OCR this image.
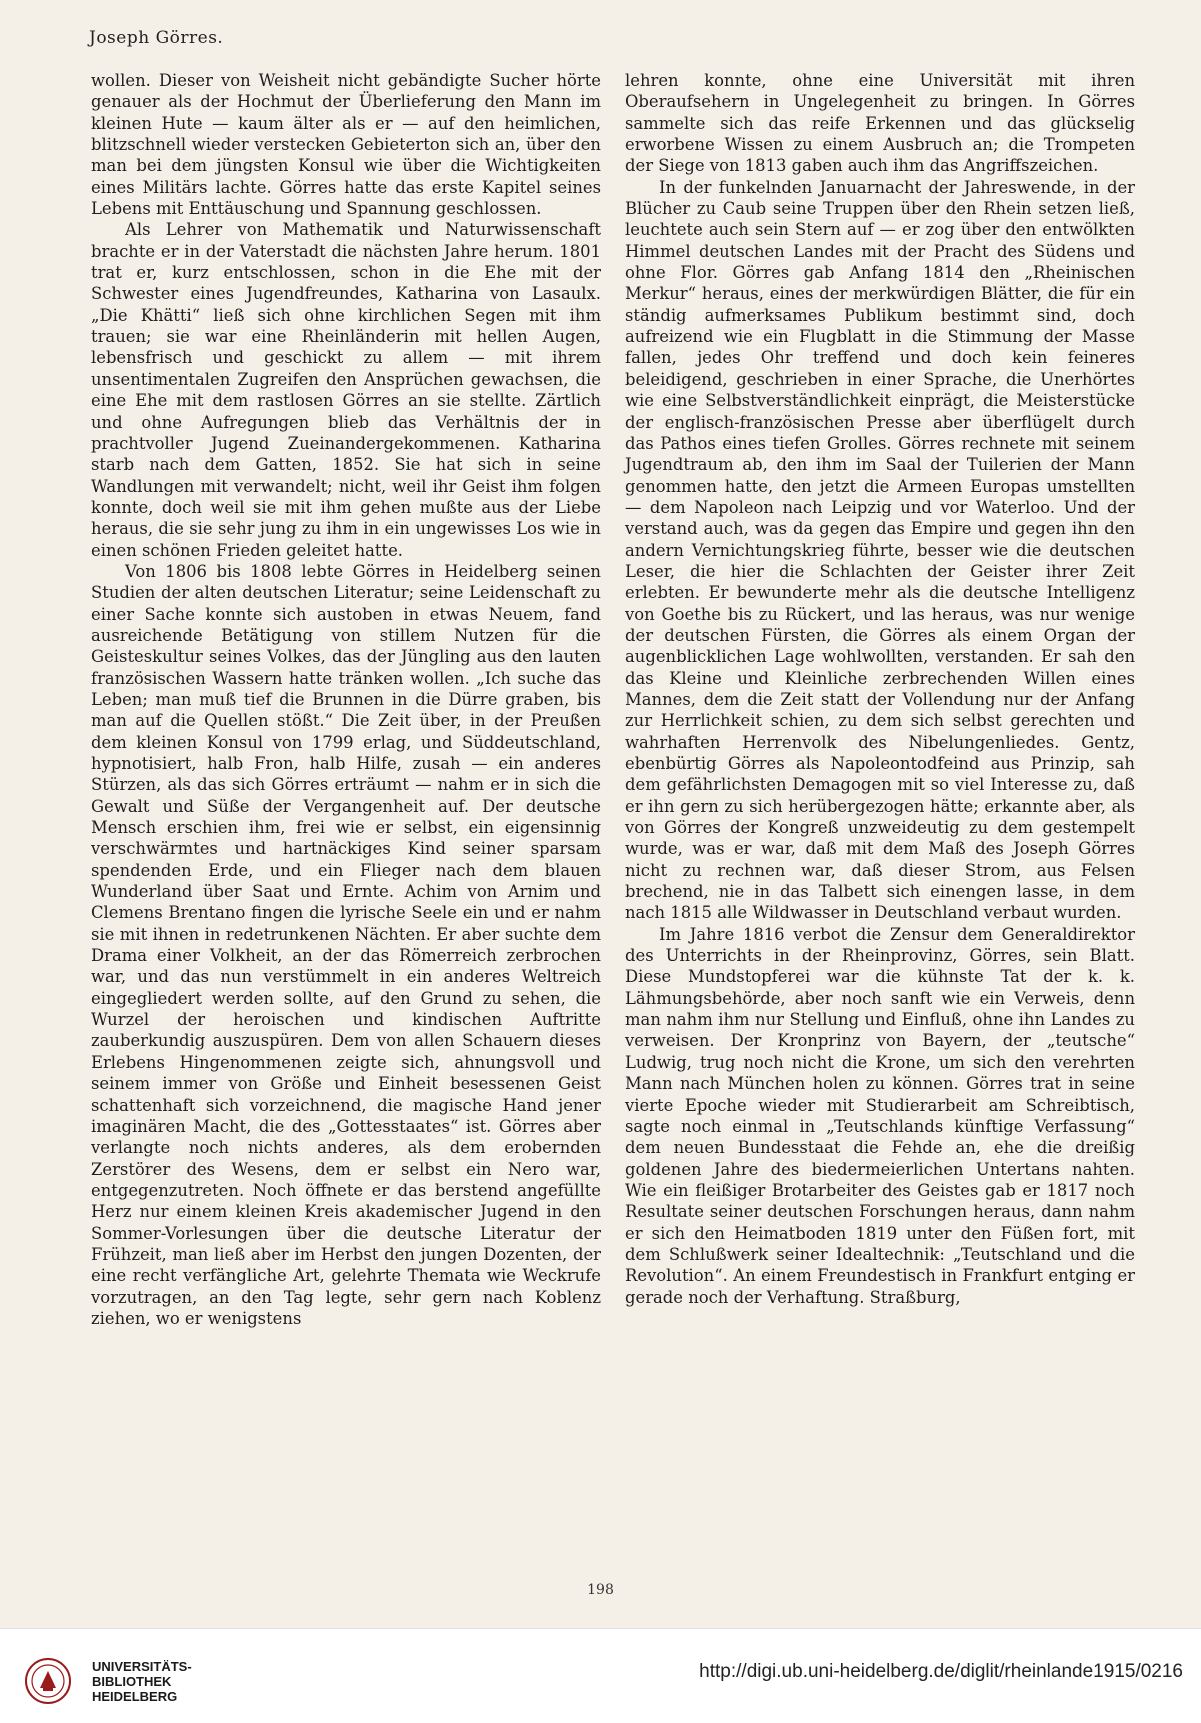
Joseph Görres.

wollen. Dieser von Weisheit nicht gebändigte Sucher hörte genauer als der Hochmut der Überlieferung den Mann im kleinen Hute — kaum älter als er — auf den heimlichen, blitzschnell wieder verstecken Gebieterton sich an, über den man bei dem jüngsten Konsul wie über die Wichtigkeiten eines Militärs lachte. Görres hatte das erste Kapitel seines Lebens mit Enttäuschung und Spannung geschlossen.

Als Lehrer von Mathematik und Naturwissenschaft brachte er in der Vaterstadt die nächsten Jahre herum. 1801 trat er, kurz entschlossen, schon in die Ehe mit der Schwester eines Jugendfreundes, Katharina von Lasaulx. „Die Khätti“ ließ sich ohne kirchlichen Segen mit ihm trauen; sie war eine Rheinländerin mit hellen Augen, lebensfrisch und geschickt zu allem — mit ihrem unsentimentalen Zugreifen den Ansprüchen gewachsen, die eine Ehe mit dem rastlosen Görres an sie stellte. Zärtlich und ohne Aufregungen blieb das Verhältnis der in prachtvoller Jugend Zueinandergekommenen. Katharina starb nach dem Gatten, 1852. Sie hat sich in seine Wandlungen mit verwandelt; nicht, weil ihr Geist ihm folgen konnte, doch weil sie mit ihm gehen mußte aus der Liebe heraus, die sie sehr jung zu ihm in ein ungewisses Los wie in einen schönen Frieden geleitet hatte.

Von 1806 bis 1808 lebte Görres in Heidelberg seinen Studien der alten deutschen Literatur; seine Leidenschaft zu einer Sache konnte sich austoben in etwas Neuem, fand ausreichende Betätigung von stillem Nutzen für die Geisteskultur seines Volkes, das der Jüngling aus den lauten französischen Wassern hatte tränken wollen. „Ich suche das Leben; man muß tief die Brunnen in die Dürre graben, bis man auf die Quellen stößt.“ Die Zeit über, in der Preußen dem kleinen Konsul von 1799 erlag, und Süddeutschland, hypnotisiert, halb Fron, halb Hilfe, zusah — ein anderes Stürzen, als das sich Görres erträumt — nahm er in sich die Gewalt und Süße der Vergangenheit auf. Der deutsche Mensch erschien ihm, frei wie er selbst, ein eigensinnig verschwärmtes und hartnäckiges Kind seiner sparsam spendenden Erde, und ein Flieger nach dem blauen Wunderland über Saat und Ernte. Achim von Arnim und Clemens Brentano fingen die lyrische Seele ein und er nahm sie mit ihnen in redetrunkenen Nächten. Er aber suchte dem Drama einer Volkheit, an der das Römerreich zerbrochen war, und das nun verstümmelt in ein anderes Weltreich eingegliedert werden sollte, auf den Grund zu sehen, die Wurzel der heroischen und kindischen Auftritte zauberkundig auszuspüren. Dem von allen Schauern dieses Erlebens Hingenommenen zeigte sich, ahnungsvoll und seinem immer von Größe und Einheit besessenen Geist schattenhaft sich vorzeichnend, die magische Hand jener imaginären Macht, die des „Gottesstaates“ ist. Görres aber verlangte noch nichts anderes, als dem erobernden Zerstörer des Wesens, dem er selbst ein Nero war, entgegenzutreten. Noch öffnete er das berstend angefüllte Herz nur einem kleinen Kreis akademischer Jugend in den Sommer-Vorlesungen über die deutsche Literatur der Frühzeit, man ließ aber im Herbst den jungen Dozenten, der eine recht verfängliche Art, gelehrte Themata wie Weckrufe vorzutragen, an den Tag legte, sehr gern nach Koblenz ziehen, wo er wenigstens

lehren konnte, ohne eine Universität mit ihren Oberaufsehern in Ungelegenheit zu bringen. In Görres sammelte sich das reife Erkennen und das glückselig erworbene Wissen zu einem Ausbruch an; die Trompeten der Siege von 1813 gaben auch ihm das Angriffszeichen.

In der funkelnden Januarnacht der Jahreswende, in der Blücher zu Caub seine Truppen über den Rhein setzen ließ, leuchtete auch sein Stern auf — er zog über den entwölkten Himmel deutschen Landes mit der Pracht des Südens und ohne Flor. Görres gab Anfang 1814 den „Rheinischen Merkur“ heraus, eines der merkwürdigen Blätter, die für ein ständig aufmerksames Publikum bestimmt sind, doch aufreizend wie ein Flugblatt in die Stimmung der Masse fallen, jedes Ohr treffend und doch kein feineres beleidigend, geschrieben in einer Sprache, die Unerhörtes wie eine Selbstverständlichkeit einprägt, die Meisterstücke der englisch-französischen Presse aber überflügelt durch das Pathos eines tiefen Grolles. Görres rechnete mit seinem Jugendtraum ab, den ihm im Saal der Tuilerien der Mann genommen hatte, den jetzt die Armeen Europas umstellten — dem Napoleon nach Leipzig und vor Waterloo. Und der verstand auch, was da gegen das Empire und gegen ihn den andern Vernichtungskrieg führte, besser wie die deutschen Leser, die hier die Schlachten der Geister ihrer Zeit erlebten. Er bewunderte mehr als die deutsche Intelligenz von Goethe bis zu Rückert, und las heraus, was nur wenige der deutschen Fürsten, die Görres als einem Organ der augenblicklichen Lage wohlwollten, verstanden. Er sah den das Kleine und Kleinliche zerbrechenden Willen eines Mannes, dem die Zeit statt der Vollendung nur der Anfang zur Herrlichkeit schien, zu dem sich selbst gerechten und wahrhaften Herrenvolk des Nibelungenliedes. Gentz, ebenbürtig Görres als Napoleontodfeind aus Prinzip, sah dem gefährlichsten Demagogen mit so viel Interesse zu, daß er ihn gern zu sich herübergezogen hätte; erkannte aber, als von Görres der Kongreß unzweideutig zu dem gestempelt wurde, was er war, daß mit dem Maß des Joseph Görres nicht zu rechnen war, daß dieser Strom, aus Felsen brechend, nie in das Talbett sich einengen lasse, in dem nach 1815 alle Wildwasser in Deutschland verbaut wurden.

Im Jahre 1816 verbot die Zensur dem Generaldirektor des Unterrichts in der Rheinprovinz, Görres, sein Blatt. Diese Mundstopferei war die kühnste Tat der k. k. Lähmungsbehörde, aber noch sanft wie ein Verweis, denn man nahm ihm nur Stellung und Einfluß, ohne ihn Landes zu verweisen. Der Kronprinz von Bayern, der „teutsche“ Ludwig, trug noch nicht die Krone, um sich den verehrten Mann nach München holen zu können. Görres trat in seine vierte Epoche wieder mit Studierarbeit am Schreibtisch, sagte noch einmal in „Teutschlands künftige Verfassung“ dem neuen Bundesstaat die Fehde an, ehe die dreißig goldenen Jahre des biedermeierlichen Untertans nahten. Wie ein fleißiger Brotarbeiter des Geistes gab er 1817 noch Resultate seiner deutschen Forschungen heraus, dann nahm er sich den Heimatboden 1819 unter den Füßen fort, mit dem Schlußwerk seiner Idealtechnik: „Teutschland und die Revolution“. An einem Freundestisch in Frankfurt entging er gerade noch der Verhaftung. Straßburg,

198
UNIVERSITÄTS-
BIBLIOTHEK
HEIDELBERG
http://digi.ub.uni-heidelberg.de/diglit/rheinlande1915/0216
